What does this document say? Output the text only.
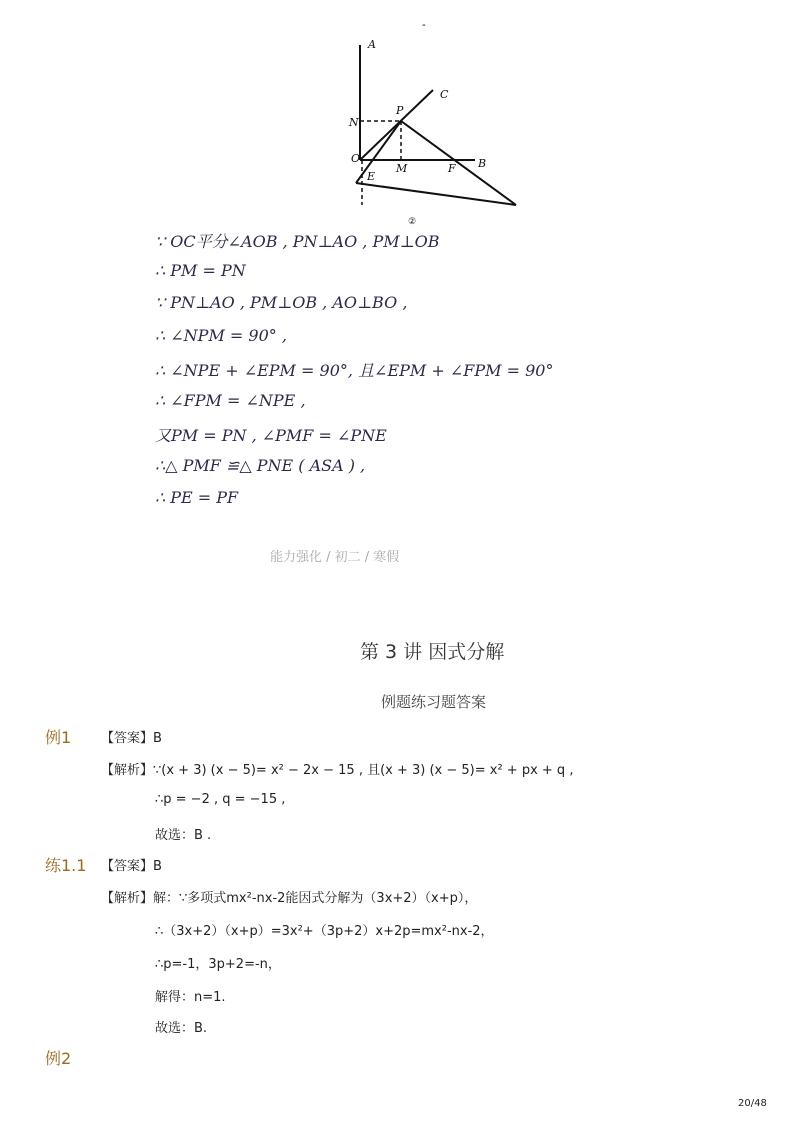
-
A
C
P
N
O	B
E
M	F
②
∵ OC平分∠AOB , PN⊥AO , PM⊥OB
∴ PM = PN
∵ PN⊥AO , PM⊥OB , AO⊥BO ,
∴ ∠NPM = 90° ,
∴ ∠NPE + ∠EPM = 90°, 且∠EPM + ∠FPM = 90°
∴ ∠FPM = ∠NPE ,
又PM = PN , ∠PMF = ∠PNE
∴△ PMF ≌△ PNE ( ASA ) ,
∴ PE = PF
能力强化 / 初二 / 寒假
第 3 讲 因式分解
例题练习题答案
例1 【答案】B
【解析】∵(x + 3) (x − 5)= x² − 2x − 15 , 且(x + 3) (x − 5)= x² + px + q ,
∴p = −2 , q = −15 ,
故选：B .
练1.1 【答案】B
【解析】解：∵多项式mx²-nx-2能因式分解为（3x+2）（x+p），
∴（3x+2）（x+p）=3x²+（3p+2）x+2p=mx²-nx-2，
∴p=-1，3p+2=-n，
解得：n=1.
故选：B.
例2
20/48
